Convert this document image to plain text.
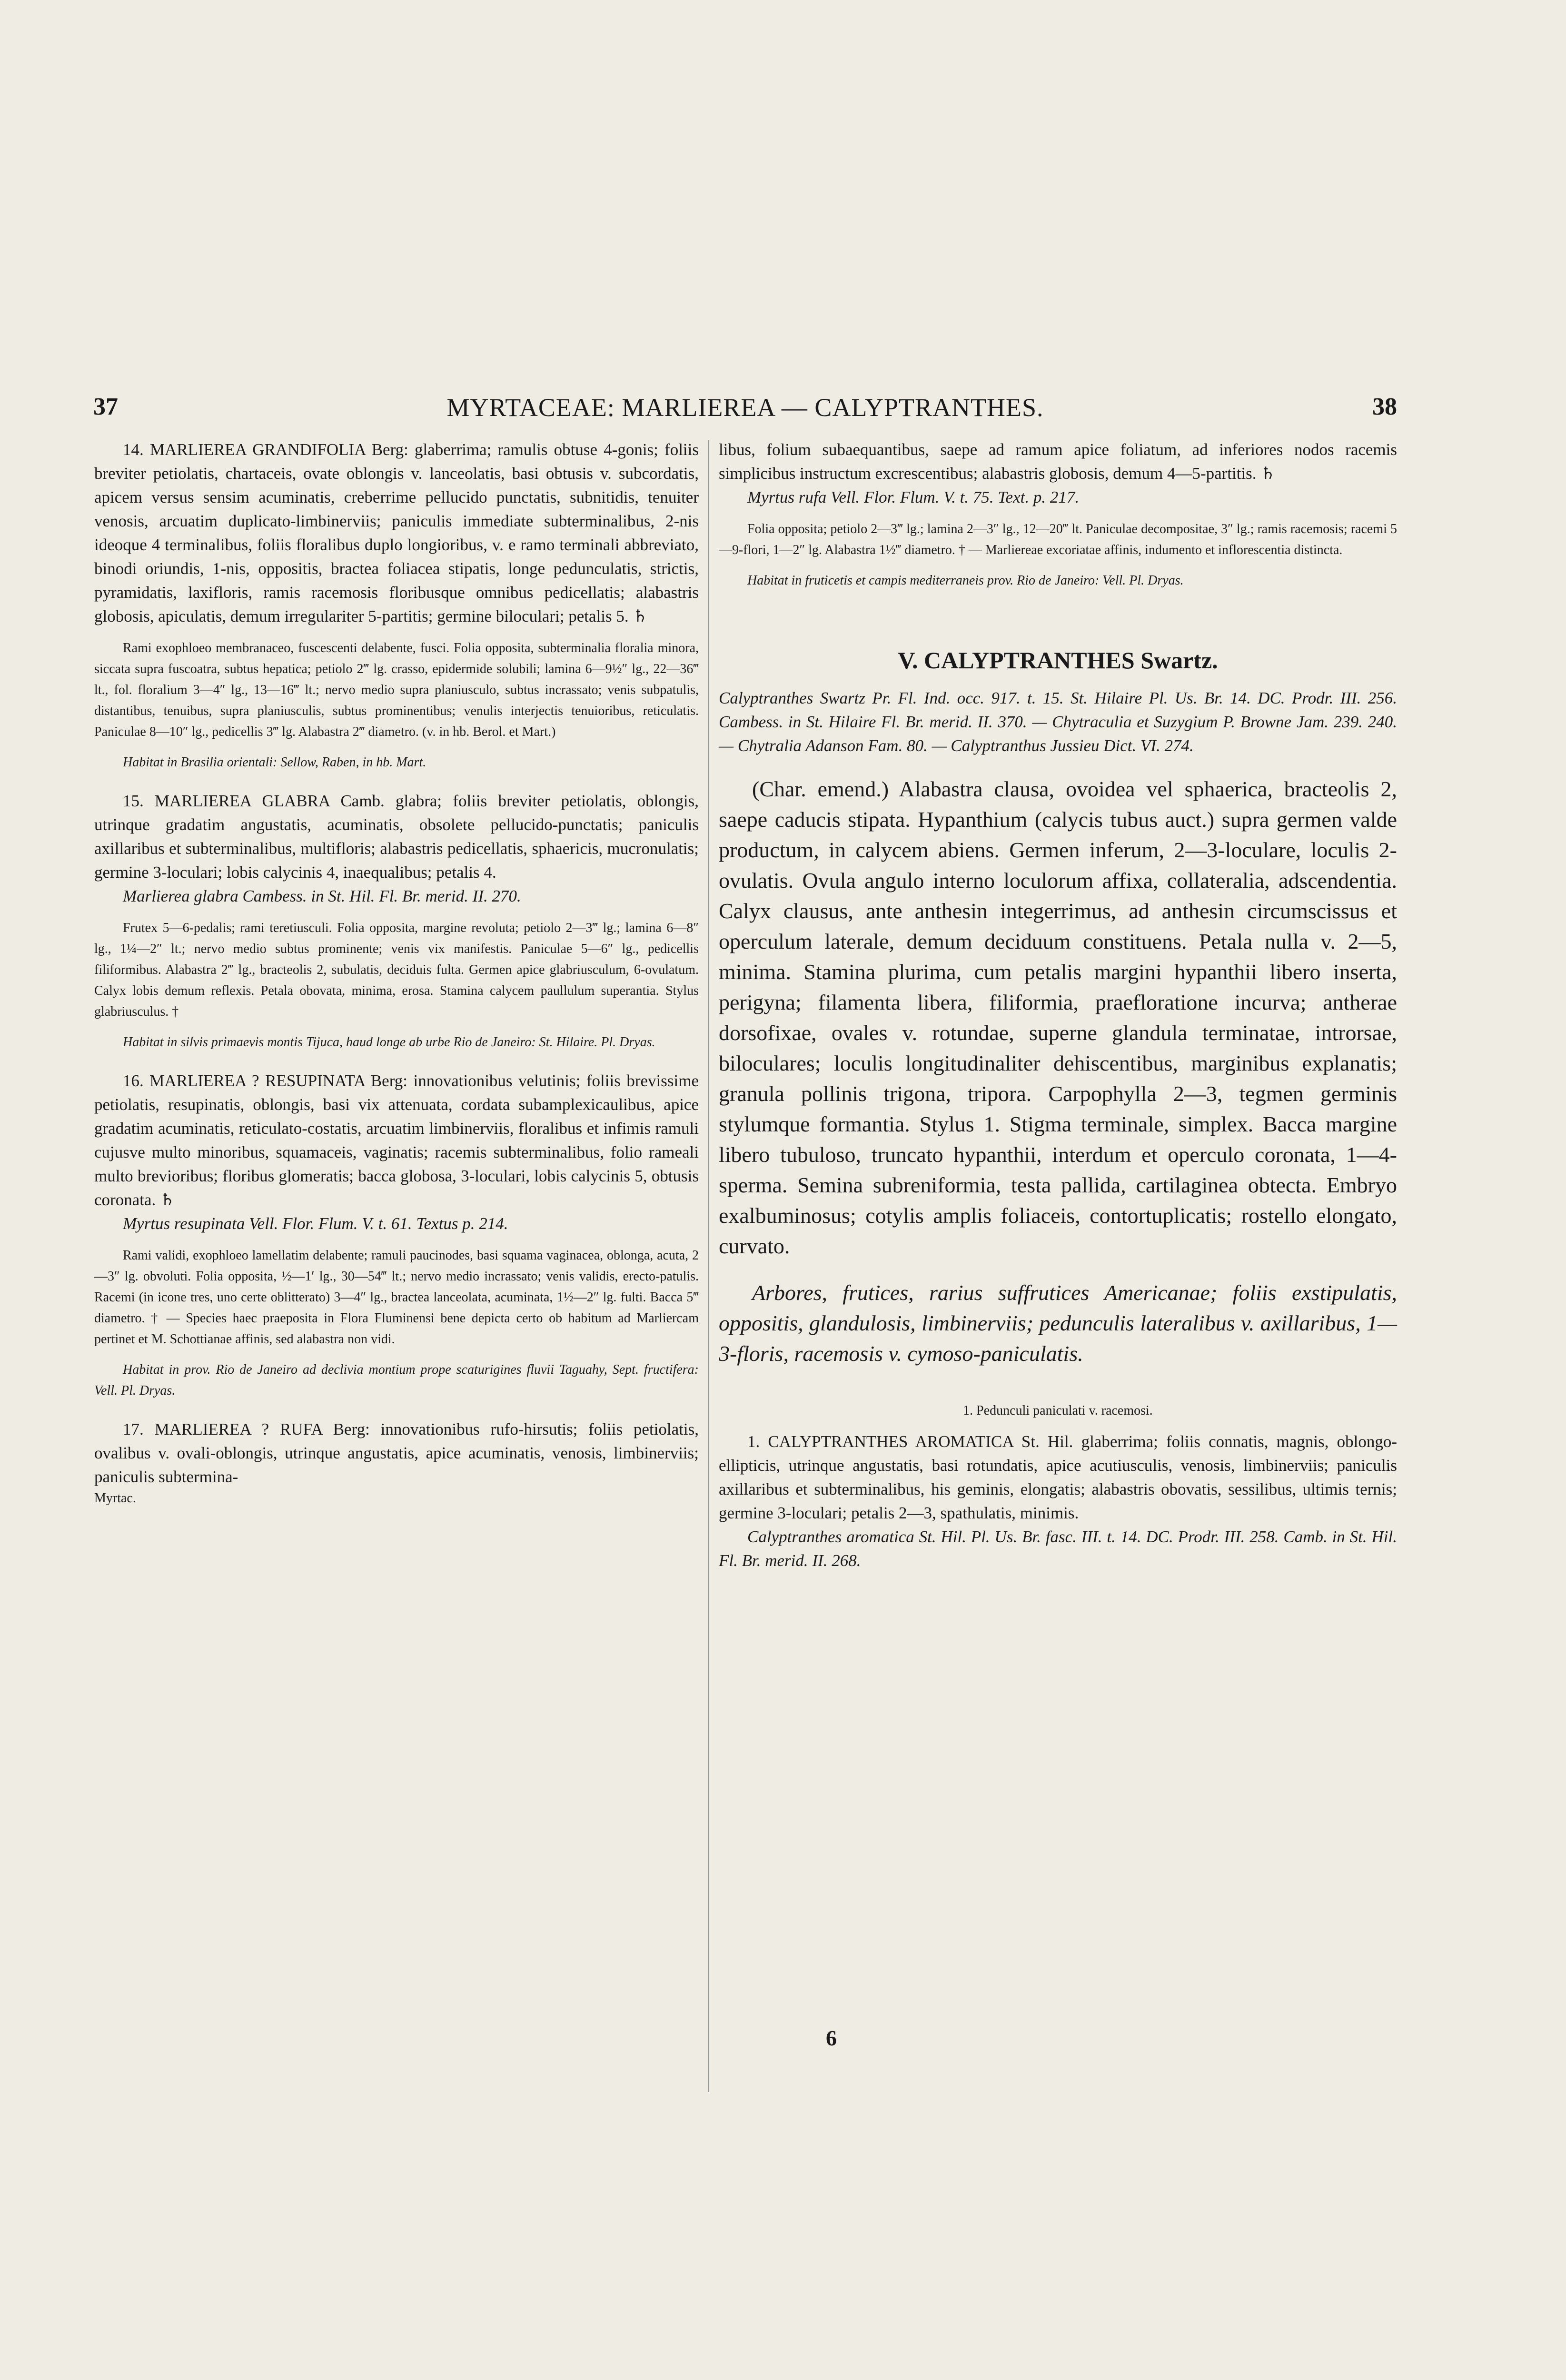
37	MYRTACEAE: MARLIEREA — CALYPTRANTHES.	38

14. MARLIEREA GRANDIFOLIA Berg: glaberrima; ramulis obtuse 4-gonis; foliis breviter petiolatis, chartaceis, ovate oblongis v. lanceolatis, basi obtusis v. subcordatis, apicem versus sensim acuminatis, creberrime pellucido punctatis, subnitidis, tenuiter venosis, arcuatim duplicato-limbinerviis; paniculis immediate subterminalibus, 2-nis ideoque 4 terminalibus, foliis floralibus duplo longioribus, v. e ramo terminali abbreviato, binodi oriundis, 1-nis, oppositis, bractea foliacea stipatis, longe pedunculatis, strictis, pyramidatis, laxifloris, ramis racemosis floribusque omnibus pedicellatis; alabastris globosis, apiculatis, demum irregulariter 5-partitis; germine biloculari; petalis 5. ♄

Rami exophloeo membranaceo, fuscescenti delabente, fusci. Folia opposita, subterminalia floralia minora, siccata supra fuscoatra, subtus hepatica; petiolo 2‴ lg. crasso, epidermide solubili; lamina 6—9½″ lg., 22—36‴ lt., fol. floralium 3—4″ lg., 13—16‴ lt.; nervo medio supra planiusculo, subtus incrassato; venis subpatulis, distantibus, tenuibus, supra planiusculis, subtus prominentibus; venulis interjectis tenuioribus, reticulatis. Paniculae 8—10″ lg., pedicellis 3‴ lg. Alabastra 2‴ diametro. (v. in hb. Berol. et Mart.)

Habitat in Brasilia orientali: Sellow, Raben, in hb. Mart.

15. MARLIEREA GLABRA Camb. glabra; foliis breviter petiolatis, oblongis, utrinque gradatim angustatis, acuminatis, obsolete pellucido-punctatis; paniculis axillaribus et subterminalibus, multifloris; alabastris pedicellatis, sphaericis, mucronulatis; germine 3-loculari; lobis calycinis 4, inaequalibus; petalis 4.

Marlierea glabra Cambess. in St. Hil. Fl. Br. merid. II. 270.

Frutex 5—6-pedalis; rami teretiusculi. Folia opposita, margine revoluta; petiolo 2—3‴ lg.; lamina 6—8″ lg., 1¼—2″ lt.; nervo medio subtus prominente; venis vix manifestis. Paniculae 5—6″ lg., pedicellis filiformibus. Alabastra 2‴ lg., bracteolis 2, subulatis, deciduis fulta. Germen apice glabriusculum, 6-ovulatum. Calyx lobis demum reflexis. Petala obovata, minima, erosa. Stamina calycem paullulum superantia. Stylus glabriusculus. †

Habitat in silvis primaevis montis Tijuca, haud longe ab urbe Rio de Janeiro: St. Hilaire. Pl. Dryas.

16. MARLIEREA ? RESUPINATA Berg: innovationibus velutinis; foliis brevissime petiolatis, resupinatis, oblongis, basi vix attenuata, cordata subamplexicaulibus, apice gradatim acuminatis, reticulato-costatis, arcuatim limbinerviis, floralibus et infimis ramuli cujusve multo minoribus, squamaceis, vaginatis; racemis subterminalibus, folio rameali multo brevioribus; floribus glomeratis; bacca globosa, 3-loculari, lobis calycinis 5, obtusis coronata. ♄

Myrtus resupinata Vell. Flor. Flum. V. t. 61. Textus p. 214.

Rami validi, exophloeo lamellatim delabente; ramuli paucinodes, basi squama vaginacea, oblonga, acuta, 2—3″ lg. obvoluti. Folia opposita, ½—1′ lg., 30—54‴ lt.; nervo medio incrassato; venis validis, erecto-patulis. Racemi (in icone tres, uno certe oblitterato) 3—4″ lg., bractea lanceolata, acuminata, 1½—2″ lg. fulti. Bacca 5‴ diametro. † — Species haec praeposita in Flora Fluminensi bene depicta certo ob habitum ad Marliercam pertinet et M. Schottianae affinis, sed alabastra non vidi.

Habitat in prov. Rio de Janeiro ad declivia montium prope scaturigines fluvii Taguahy, Sept. fructifera: Vell. Pl. Dryas.

17. MARLIEREA ? RUFA Berg: innovationibus rufo-hirsutis; foliis petiolatis, ovalibus v. ovali-oblongis, utrinque angustatis, apice acuminatis, venosis, limbinerviis; paniculis subtermina-

Myrtac.

libus, folium subaequantibus, saepe ad ramum apice foliatum, ad inferiores nodos racemis simplicibus instructum excrescentibus; alabastris globosis, demum 4—5-partitis. ♄

Myrtus rufa Vell. Flor. Flum. V. t. 75. Text. p. 217.

Folia opposita; petiolo 2—3‴ lg.; lamina 2—3″ lg., 12—20‴ lt. Paniculae decompositae, 3″ lg.; ramis racemosis; racemi 5—9-flori, 1—2″ lg. Alabastra 1½‴ diametro. † — Marliereae excoriatae affinis, indumento et inflorescentia distincta.

Habitat in fruticetis et campis mediterraneis prov. Rio de Janeiro: Vell. Pl. Dryas.

V. CALYPTRANTHES Swartz.

Calyptranthes Swartz Pr. Fl. Ind. occ. 917. t. 15. St. Hilaire Pl. Us. Br. 14. DC. Prodr. III. 256. Cambess. in St. Hilaire Fl. Br. merid. II. 370. — Chytraculia et Suzygium P. Browne Jam. 239. 240. — Chytralia Adanson Fam. 80. — Calyptranthus Jussieu Dict. VI. 274.

(Char. emend.) Alabastra clausa, ovoidea vel sphaerica, bracteolis 2, saepe caducis stipata. Hypanthium (calycis tubus auct.) supra germen valde productum, in calycem abiens. Germen inferum, 2—3-loculare, loculis 2-ovulatis. Ovula angulo interno loculorum affixa, collateralia, adscendentia. Calyx clausus, ante anthesin integerrimus, ad anthesin circumscissus et operculum laterale, demum deciduum constituens. Petala nulla v. 2—5, minima. Stamina plurima, cum petalis margini hypanthii libero inserta, perigyna; filamenta libera, filiformia, praefloratione incurva; antherae dorsofixae, ovales v. rotundae, superne glandula terminatae, introrsae, biloculares; loculis longitudinaliter dehiscentibus, marginibus explanatis; granula pollinis trigona, tripora. Carpophylla 2—3, tegmen germinis stylumque formantia. Stylus 1. Stigma terminale, simplex. Bacca margine libero tubuloso, truncato hypanthii, interdum et operculo coronata, 1—4-sperma. Semina subreniformia, testa pallida, cartilaginea obtecta. Embryo exalbuminosus; cotylis amplis foliaceis, contortuplicatis; rostello elongato, curvato.

Arbores, frutices, rarius suffrutices Americanae; foliis exstipulatis, oppositis, glandulosis, limbinerviis; pedunculis lateralibus v. axillaribus, 1—3-floris, racemosis v. cymoso-paniculatis.

1. Pedunculi paniculati v. racemosi.

1. CALYPTRANTHES AROMATICA St. Hil. glaberrima; foliis connatis, magnis, oblongo-ellipticis, utrinque angustatis, basi rotundatis, apice acutiusculis, venosis, limbinerviis; paniculis axillaribus et subterminalibus, his geminis, elongatis; alabastris obovatis, sessilibus, ultimis ternis; germine 3-loculari; petalis 2—3, spathulatis, minimis.

Calyptranthes aromatica St. Hil. Pl. Us. Br. fasc. III. t. 14. DC. Prodr. III. 258. Camb. in St. Hil. Fl. Br. merid. II. 268.

6
